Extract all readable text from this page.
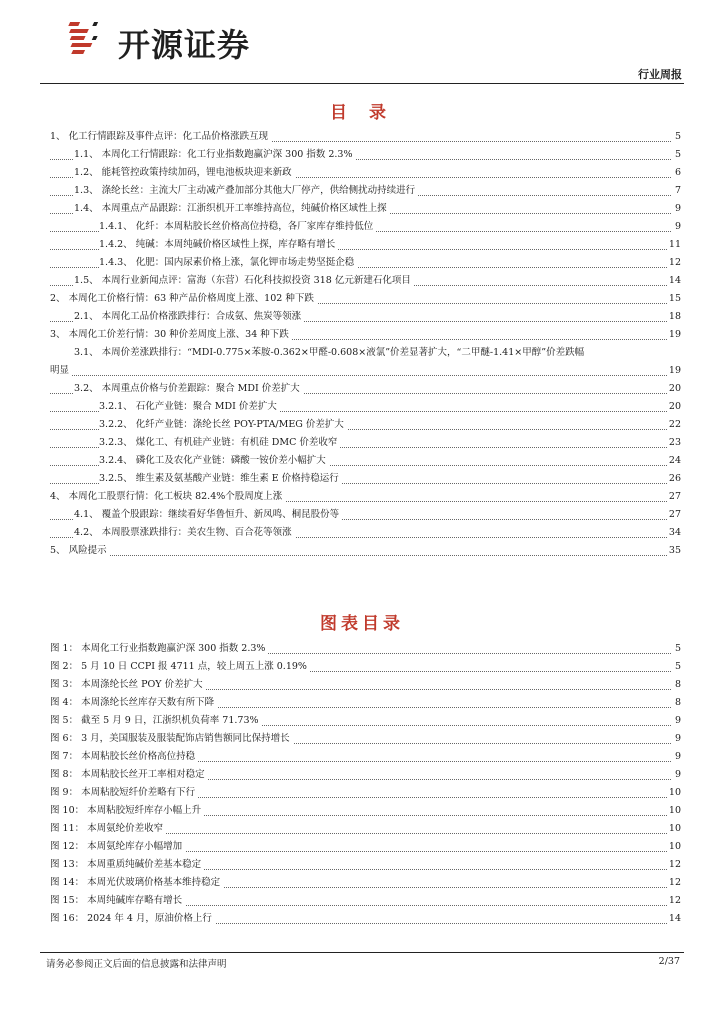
开源证券
行业周报
目 录
1、 化工行情跟踪及事件点评：化工品价格涨跌互现	5
1.1、 本周化工行情跟踪：化工行业指数跑赢沪深 300 指数 2.3%	5
1.2、 能耗管控政策持续加码，锂电池板块迎来新政	6
1.3、 涤纶长丝：主流大厂主动减产叠加部分其他大厂停产，供给侧扰动持续进行	7
1.4、 本周重点产品跟踪：江浙织机开工率维持高位，纯碱价格区域性上探	9
1.4.1、 化纤：本周粘胶长丝价格高位持稳，各厂家库存维持低位	9
1.4.2、 纯碱：本周纯碱价格区域性上探，库存略有增长	11
1.4.3、 化肥：国内尿素价格上涨，氯化钾市场走势坚挺企稳	12
1.5、 本周行业新闻点评：富海（东营）石化科技拟投资 318 亿元新建石化项目	14
2、 本周化工价格行情：63 种产品价格周度上涨、102 种下跌	15
2.1、 本周化工品价格涨跌排行：合成氨、焦炭等领涨	18
3、 本周化工价差行情：30 种价差周度上涨、34 种下跌	19
3.1、 本周价差涨跌排行：“MDI-0.775×苯胺-0.362×甲醛-0.608×液氯”价差显著扩大，“二甲醚-1.41×甲醇”价差跌幅
明显	19
3.2、 本周重点价格与价差跟踪：聚合 MDI 价差扩大	20
3.2.1、 石化产业链：聚合 MDI 价差扩大	20
3.2.2、 化纤产业链：涤纶长丝 POY-PTA/MEG 价差扩大	22
3.2.3、 煤化工、有机硅产业链：有机硅 DMC 价差收窄	23
3.2.4、 磷化工及农化产业链：磷酸一铵价差小幅扩大	24
3.2.5、 维生素及氨基酸产业链：维生素 E 价格持稳运行	26
4、 本周化工股票行情：化工板块 82.4%个股周度上涨	27
4.1、 覆盖个股跟踪：继续看好华鲁恒升、新凤鸣、桐昆股份等	27
4.2、 本周股票涨跌排行：美农生物、百合花等领涨	34
5、 风险提示	35
图表目录
图 1： 本周化工行业指数跑赢沪深 300 指数 2.3%	5
图 2： 5 月 10 日 CCPI 报 4711 点，较上周五上涨 0.19%	5
图 3： 本周涤纶长丝 POY 价差扩大	8
图 4： 本周涤纶长丝库存天数有所下降	8
图 5： 截至 5 月 9 日，江浙织机负荷率 71.73%	9
图 6： 3 月，美国服装及服装配饰店销售额同比保持增长	9
图 7： 本周粘胶长丝价格高位持稳	9
图 8： 本周粘胶长丝开工率相对稳定	9
图 9： 本周粘胶短纤价差略有下行	10
图 10： 本周粘胶短纤库存小幅上升	10
图 11： 本周氨纶价差收窄	10
图 12： 本周氨纶库存小幅增加	10
图 13： 本周重质纯碱价差基本稳定	12
图 14： 本周光伏玻璃价格基本维持稳定	12
图 15： 本周纯碱库存略有增长	12
图 16： 2024 年 4 月，原油价格上行	14
请务必参阅正文后面的信息披露和法律声明	2/37
